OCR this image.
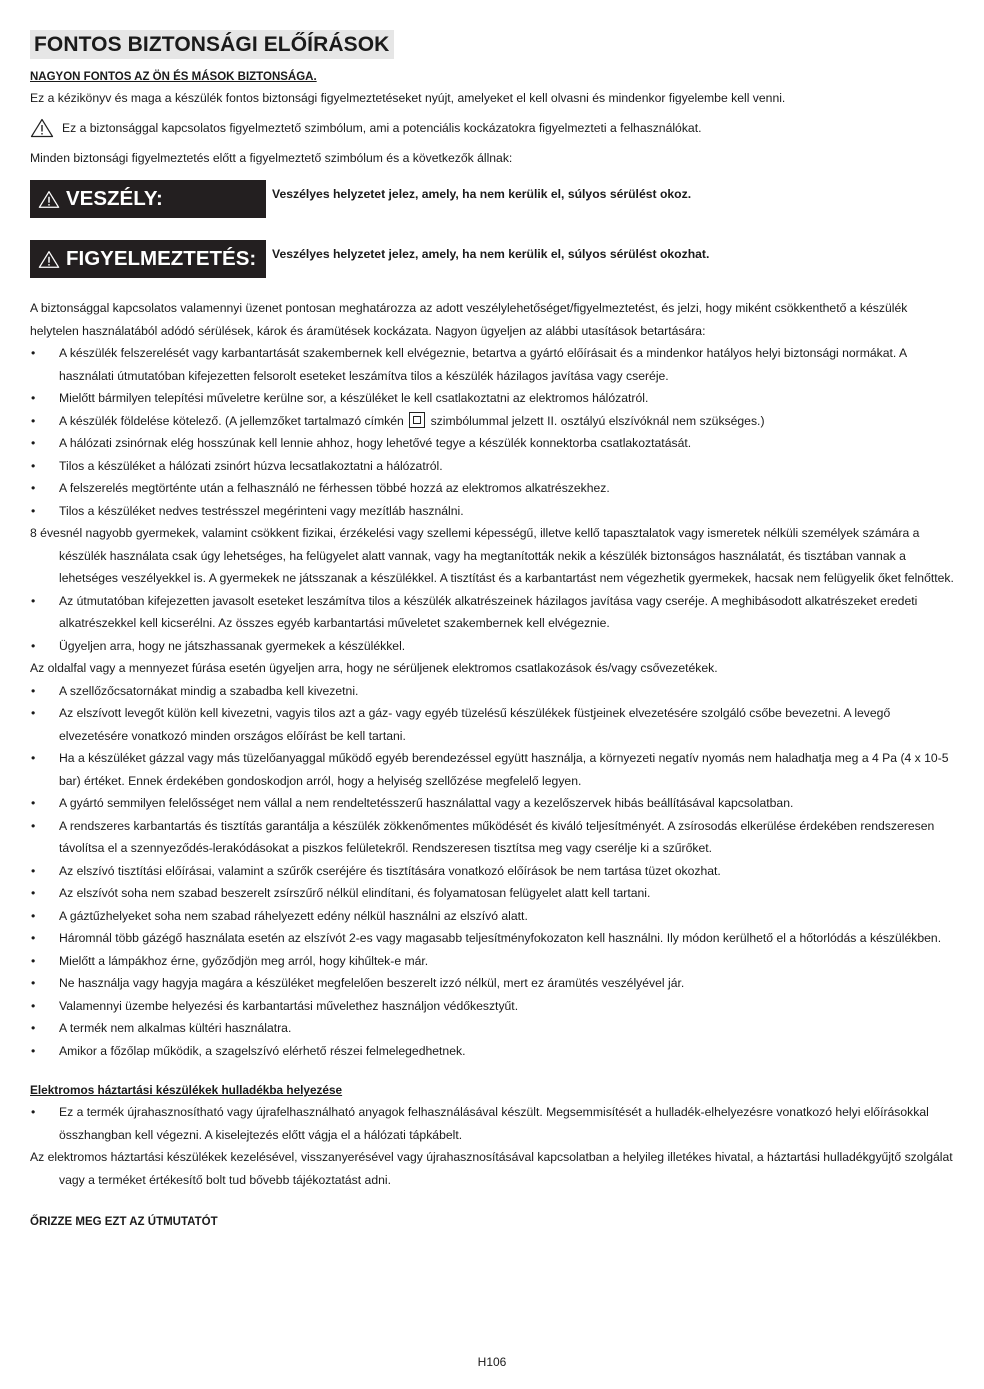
FONTOS BIZTONSÁGI ELŐÍRÁSOK
NAGYON FONTOS AZ ÖN ÉS MÁSOK BIZTONSÁGA.
Ez a kézikönyv és maga a készülék fontos biztonsági figyelmeztetéseket nyújt, amelyeket el kell olvasni és mindenkor figyelembe kell venni.
Ez a biztonsággal kapcsolatos figyelmeztető szimbólum, ami a potenciális kockázatokra figyelmezteti a felhasználókat.
Minden biztonsági figyelmeztetés előtt a figyelmeztető szimbólum és a következők állnak:
VESZÉLY:	Veszélyes helyzetet jelez, amely, ha nem kerülik el, súlyos sérülést okoz.
FIGYELMEZTETÉS: Veszélyes helyzetet jelez, amely, ha nem kerülik el, súlyos sérülést okozhat.
A biztonsággal kapcsolatos valamennyi üzenet pontosan meghatározza az adott veszélylehetőséget/figyelmeztetést, és jelzi, hogy miként csökkenthető a készülék helytelen használatából adódó sérülések, károk és áramütések kockázata. Nagyon ügyeljen az alábbi utasítások betartására:
• A készülék felszerelését vagy karbantartását szakembernek kell elvégeznie, betartva a gyártó előírásait és a mindenkor hatályos helyi biztonsági normákat. A használati útmutatóban kifejezetten felsorolt eseteket leszámítva tilos a készülék házilagos javítása vagy cseréje.
• Mielőtt bármilyen telepítési műveletre kerülne sor, a készüléket le kell csatlakoztatni az elektromos hálózatról.
• A készülék földelése kötelező. (A jellemzőket tartalmazó címkén szimbólummal jelzett II. osztályú elszívóknál nem szükséges.)
• A hálózati zsinórnak elég hosszúnak kell lennie ahhoz, hogy lehetővé tegye a készülék konnektorba csatlakoztatását.
• Tilos a készüléket a hálózati zsinórt húzva lecsatlakoztatni a hálózatról.
• A felszerelés megtörténte után a felhasználó ne férhessen többé hozzá az elektromos alkatrészekhez.
• Tilos a készüléket nedves testrésszel megérinteni vagy mezítláb használni.
8 évesnél nagyobb gyermekek, valamint csökkent fizikai, érzékelési vagy szellemi képességű, illetve kellő tapasztalatok vagy ismeretek nélküli személyek számára a készülék használata csak úgy lehetséges, ha felügyelet alatt vannak, vagy ha megtanították nekik a készülék biztonságos használatát, és tisztában vannak a lehetséges veszélyekkel is. A gyermekek ne játsszanak a készülékkel. A tisztítást és a karbantartást nem végezhetik gyermekek, hacsak nem felügyelik őket felnőttek.
• Az útmutatóban kifejezetten javasolt eseteket leszámítva tilos a készülék alkatrészeinek házilagos javítása vagy cseréje. A meghibásodott alkatrészeket eredeti alkatrészekkel kell kicserélni. Az összes egyéb karbantartási műveletet szakembernek kell elvégeznie.
• Ügyeljen arra, hogy ne játszhassanak gyermekek a készülékkel.
Az oldalfal vagy a mennyezet fúrása esetén ügyeljen arra, hogy ne sérüljenek elektromos csatlakozások és/vagy csővezetékek.
• A szellőzőcsatornákat mindig a szabadba kell kivezetni.
• Az elszívott levegőt külön kell kivezetni, vagyis tilos azt a gáz- vagy egyéb tüzelésű készülékek füstjeinek elvezetésére szolgáló csőbe bevezetni. A levegő elvezetésére vonatkozó minden országos előírást be kell tartani.
• Ha a készüléket gázzal vagy más tüzelőanyaggal működő egyéb berendezéssel együtt használja, a környezeti negatív nyomás nem haladhatja meg a 4 Pa (4 x 10-5 bar) értéket. Ennek érdekében gondoskodjon arról, hogy a helyiség szellőzése megfelelő legyen.
• A gyártó semmilyen felelősséget nem vállal a nem rendeltetésszerű használattal vagy a kezelőszervek hibás beállításával kapcsolatban.
• A rendszeres karbantartás és tisztítás garantálja a készülék zökkenőmentes működését és kiváló teljesítményét. A zsírosodás elkerülése érdekében rendszeresen távolítsa el a szennyeződés-lerakódásokat a piszkos felületekről. Rendszeresen tisztítsa meg vagy cserélje ki a szűrőket.
• Az elszívó tisztítási előírásai, valamint a szűrők cseréjére és tisztítására vonatkozó előírások be nem tartása tüzet okozhat.
• Az elszívót soha nem szabad beszerelt zsírszűrő nélkül elindítani, és folyamatosan felügyelet alatt kell tartani.
• A gáztűzhelyeket soha nem szabad ráhelyezett edény nélkül használni az elszívó alatt.
• Háromnál több gázégő használata esetén az elszívót 2-es vagy magasabb teljesítményfokozaton kell használni. Ily módon kerülhető el a hőtorlódás a készülékben.
• Mielőtt a lámpákhoz érne, győződjön meg arról, hogy kihűltek-e már.
• Ne használja vagy hagyja magára a készüléket megfelelően beszerelt izzó nélkül, mert ez áramütés veszélyével jár.
• Valamennyi üzembe helyezési és karbantartási művelethez használjon védőkesztyűt.
• A termék nem alkalmas kültéri használatra.
• Amikor a főzőlap működik, a szagelszívó elérhető részei felmelegedhetnek.
Elektromos háztartási készülékek hulladékba helyezése
• Ez a termék újrahasznosítható vagy újrafelhasználható anyagok felhasználásával készült. Megsemmisítését a hulladék-elhelyezésre vonatkozó helyi előírásokkal összhangban kell végezni. A kiselejtezés előtt vágja el a hálózati tápkábelt.
Az elektromos háztartási készülékek kezelésével, visszanyerésével vagy újrahasznosításával kapcsolatban a helyileg illetékes hivatal, a háztartási hulladékgyűjtő szolgálat vagy a terméket értékesítő bolt tud bővebb tájékoztatást adni.
ŐRIZZE MEG EZT AZ ÚTMUTATÓT
H106
